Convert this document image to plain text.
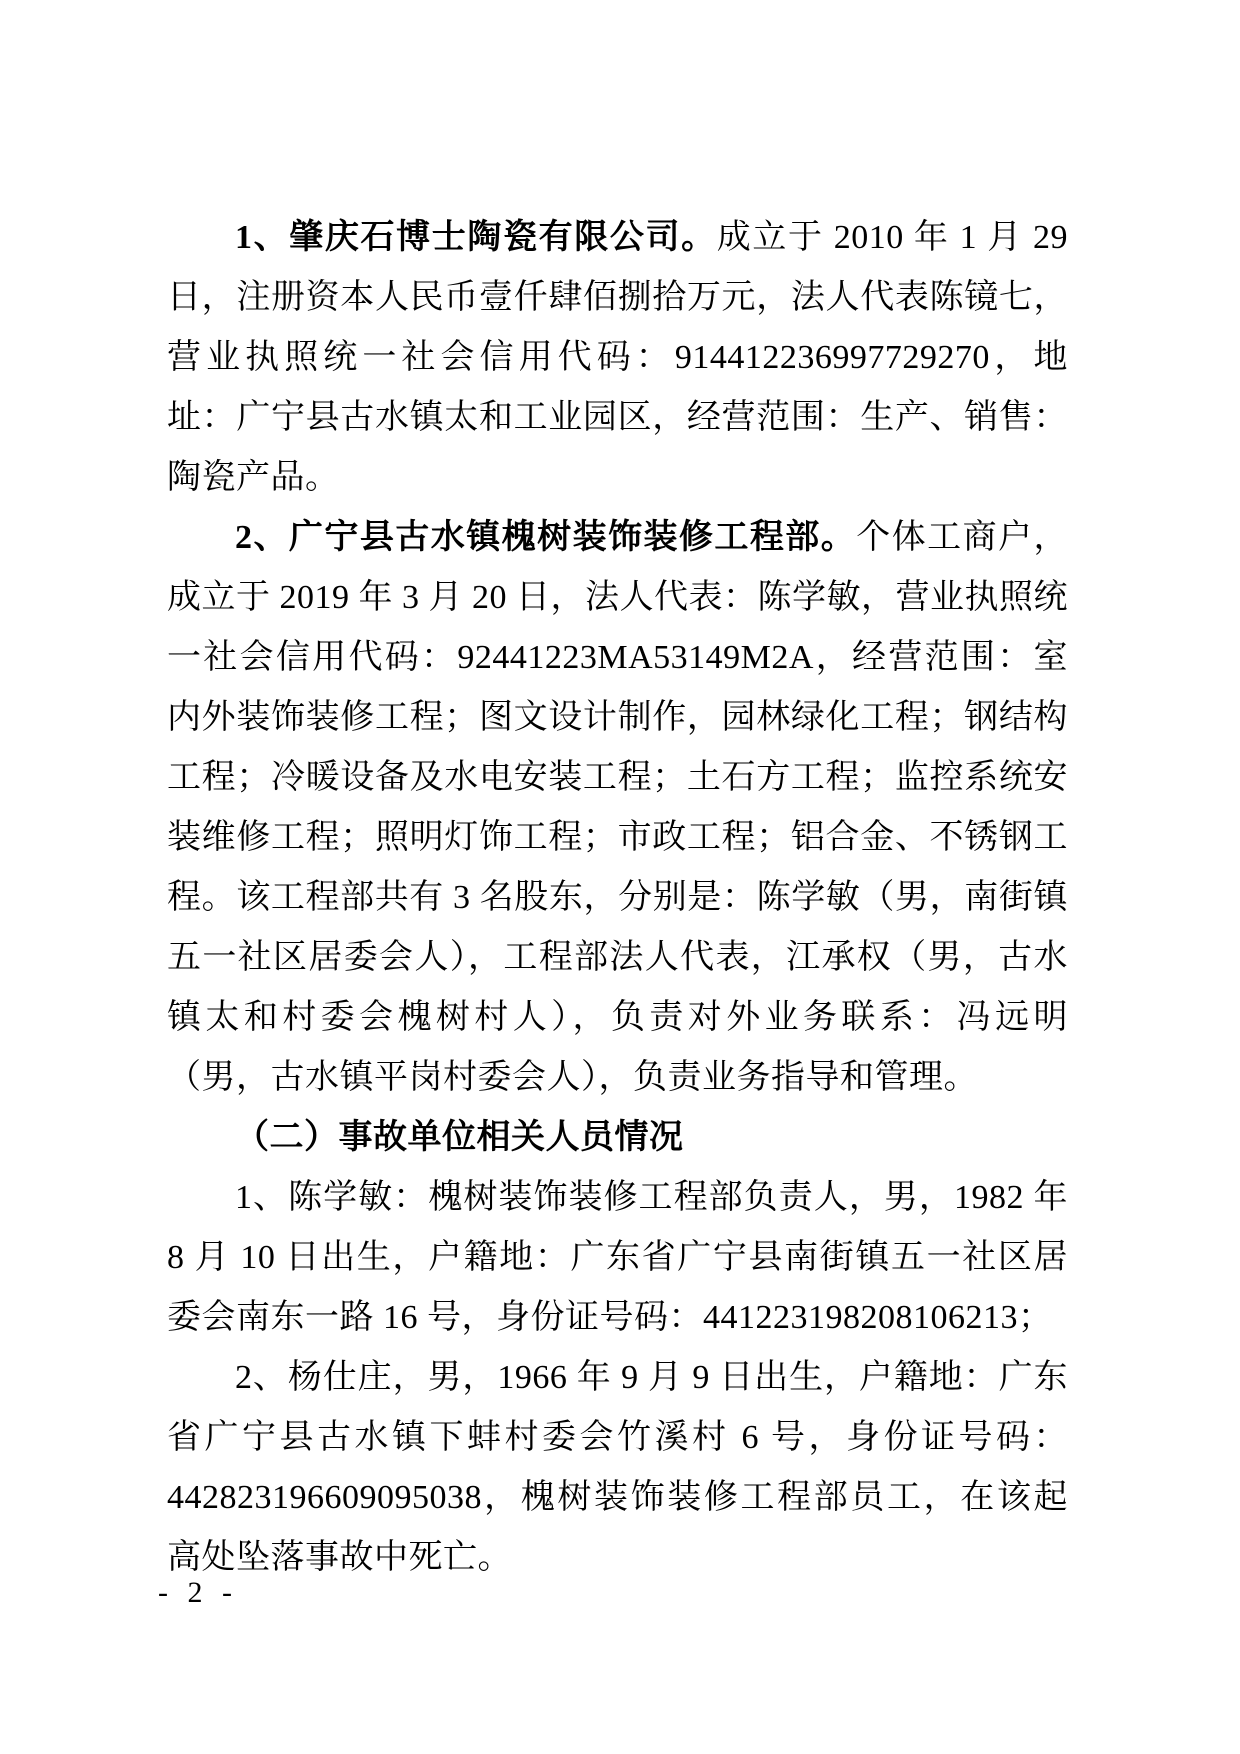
1、肇庆石博士陶瓷有限公司。成立于 2010 年 1 月 29 日，注册资本人民币壹仟肆佰捌拾万元，法人代表陈镜七，营业执照统一社会信用代码：914412236997729270，地址：广宁县古水镇太和工业园区，经营范围：生产、销售：陶瓷产品。

2、广宁县古水镇槐树装饰装修工程部。个体工商户，成立于 2019 年 3 月 20 日，法人代表：陈学敏，营业执照统一社会信用代码：92441223MA53149M2A，经营范围：室内外装饰装修工程；图文设计制作，园林绿化工程；钢结构工程；冷暖设备及水电安装工程；土石方工程；监控系统安装维修工程；照明灯饰工程；市政工程；铝合金、不锈钢工程。该工程部共有 3 名股东，分别是：陈学敏（男，南街镇五一社区居委会人），工程部法人代表，江承权（男，古水镇太和村委会槐树村人），负责对外业务联系：冯远明（男，古水镇平岗村委会人），负责业务指导和管理。

（二）事故单位相关人员情况

1、陈学敏：槐树装饰装修工程部负责人，男，1982 年 8 月 10 日出生，户籍地：广东省广宁县南街镇五一社区居委会南东一路 16 号，身份证号码：441223198208106213；

2、杨仕庄，男，1966 年 9 月 9 日出生，户籍地：广东省广宁县古水镇下蚌村委会竹溪村 6 号，身份证号码：442823196609095038，槐树装饰装修工程部员工，在该起高处坠落事故中死亡。

- 2 -
